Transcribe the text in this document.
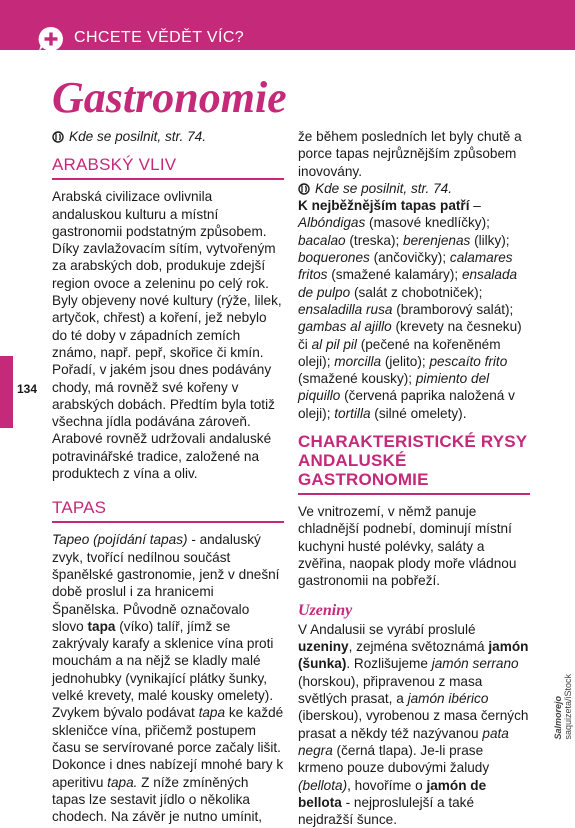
CHCETE VĚDĚT VÍC?
Gastronomie
134
Kde se posilnit, str. 74.
ARABSKÝ VLIV

Arabská civilizace ovlivnila andaluskou kulturu a místní gastronomii podstatným způsobem. Díky zavlažovacím sítím, vytvořeným za arabských dob, produkuje zdejší region ovoce a zeleninu po celý rok. Byly objeveny nové kultury (rýže, lilek, artyčok, chřest) a koření, jež nebylo do té doby v západních zemích známo, např. pepř, skořice či kmín. Pořadí, v jakém jsou dnes podávány chody, má rovněž své kořeny v arabských dobách. Předtím byla totiž všechna jídla podávána zároveň. Arabové rovněž udržovali andaluské potravinářské tradice, založené na produktech z vína a oliv.

TAPAS

Tapeo (pojídání tapas) - andaluský zvyk, tvořící nedílnou součást španělské gastronomie, jenž v dnešní době proslul i za hranicemi Španělska. Původně označovalo slovo tapa (víko) talíř, jímž se zakrývaly karafy a sklenice vína proti mouchám a na nějž se kladly malé jednohubky (vynikající plátky šunky, velké krevety, malé kousky omelety). Zvykem bývalo podávat tapa ke každé skleničce vína, přičemž postupem času se servírované porce začaly lišit. Dokonce i dnes nabízejí mnohé bary k aperitivu tapa. Z níže zmíněných tapas lze sestavit jídlo o několika chodech. Na závěr je nutno umínit,

že během posledních let byly chutě a porce tapas nejrůznějším způsobem inovovány.

Kde se posilnit, str. 74.

K nejběžnějším tapas patří – Albóndigas (masové knedlíčky); bacalao (treska); berenjenas (lilky); boquerones (ančovičky); calamares fritos (smažené kalamáry); ensalada de pulpo (salát z chobotniček); ensaladilla rusa (bramborový salát); gambas al ajillo (krevety na česneku) či al pil pil (pečené na kořeněném oleji); morcilla (jelito); pescaíto frito (smažené kousky); pimiento del piquillo (červená paprika naložená v oleji); tortilla (silné omelety).

CHARAKTERISTICKÉ RYSY ANDALUSKÉ GASTRONOMIE

Ve vnitrozemí, v němž panuje chladnější podnebí, dominují místní kuchyni husté polévky, saláty a zvěřina, naopak plody moře vládnou gastronomii na pobřeží.

Uzeniny

V Andalusii se vyrábí proslulé uzeniny, zejména světoznámá jamón (šunka). Rozlišujeme jamón serrano (horskou), připravenou z masa světlých prasat, a jamón ibérico (iberskou), vyrobenou z masa černých prasat a někdy též nazývanou pata negra (černá tlapa). Je-li prase krmeno pouze dubovými žaludy (bellota), hovoříme o jamón de bellota - nejproslulejší a také nejdražší šunce.

Salmorejo
saquizeta/iStock
